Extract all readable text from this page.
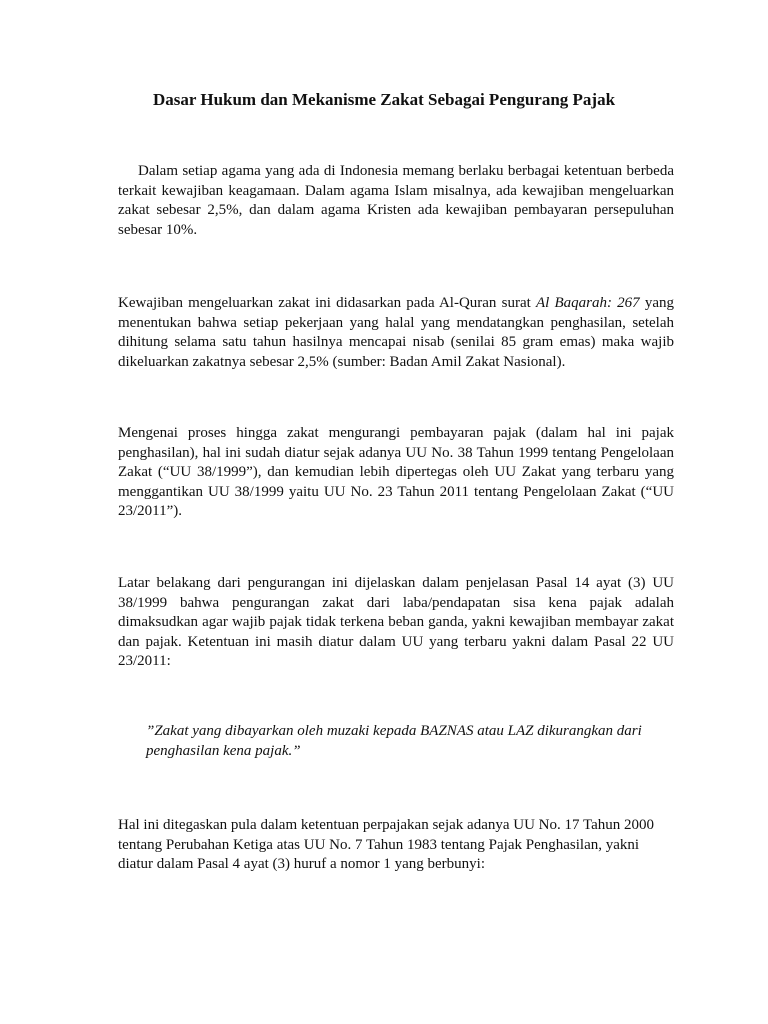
Dasar Hukum dan Mekanisme Zakat Sebagai Pengurang Pajak

Dalam setiap agama yang ada di Indonesia memang berlaku berbagai ketentuan berbeda terkait kewajiban keagamaan. Dalam agama Islam misalnya, ada kewajiban mengeluarkan zakat sebesar 2,5%, dan dalam agama Kristen ada kewajiban pembayaran persepuluhan sebesar 10%.

Kewajiban mengeluarkan zakat ini didasarkan pada Al-Quran surat Al Baqarah: 267 yang menentukan bahwa setiap pekerjaan yang halal yang mendatangkan penghasilan, setelah dihitung selama satu tahun hasilnya mencapai nisab (senilai 85 gram emas) maka wajib dikeluarkan zakatnya sebesar 2,5% (sumber: Badan Amil Zakat Nasional).

Mengenai proses hingga zakat mengurangi pembayaran pajak (dalam hal ini pajak penghasilan), hal ini sudah diatur sejak adanya UU No. 38 Tahun 1999 tentang Pengelolaan Zakat (“UU 38/1999”), dan kemudian lebih dipertegas oleh UU Zakat yang terbaru yang menggantikan UU 38/1999 yaitu UU No. 23 Tahun 2011 tentang Pengelolaan Zakat (“UU 23/2011”).

Latar belakang dari pengurangan ini dijelaskan dalam penjelasan Pasal 14 ayat (3) UU 38/1999 bahwa pengurangan zakat dari laba/pendapatan sisa kena pajak adalah dimaksudkan agar wajib pajak tidak terkena beban ganda, yakni kewajiban membayar zakat dan pajak. Ketentuan ini masih diatur dalam UU yang terbaru yakni dalam Pasal 22 UU 23/2011:

”Zakat yang dibayarkan oleh muzaki kepada BAZNAS atau LAZ dikurangkan dari penghasilan kena pajak.”

Hal ini ditegaskan pula dalam ketentuan perpajakan sejak adanya UU No. 17 Tahun 2000 tentang Perubahan Ketiga atas UU No. 7 Tahun 1983 tentang Pajak Penghasilan, yakni diatur dalam Pasal 4 ayat (3) huruf a nomor 1 yang berbunyi:
